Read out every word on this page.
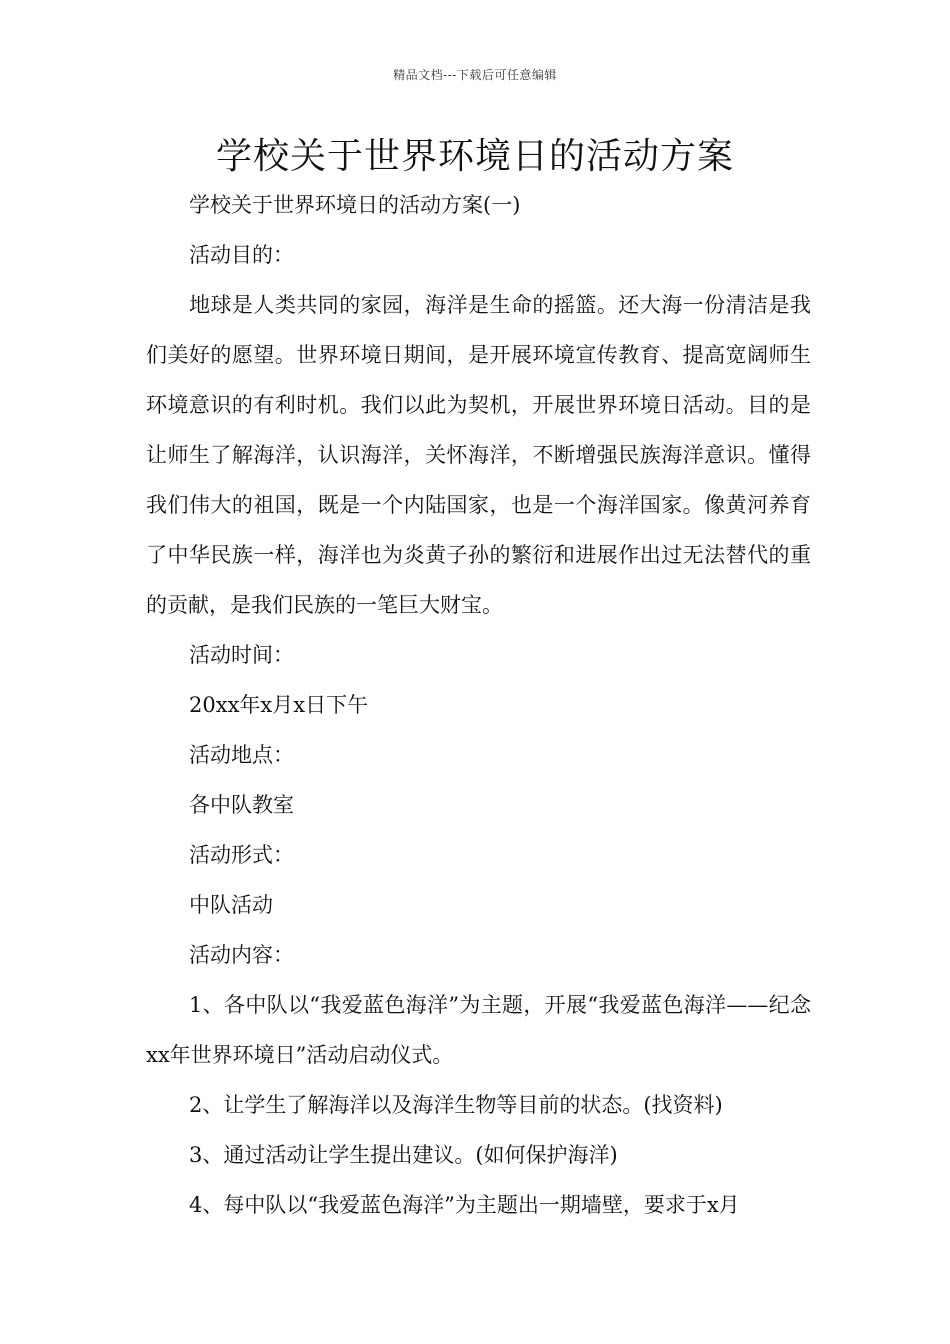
精品文档---下载后可任意编辑
学校关于世界环境日的活动方案

学校关于世界环境日的活动方案(一)

活动目的：

地球是人类共同的家园，海洋是生命的摇篮。还大海一份清洁是我们美好的愿望。世界环境日期间，是开展环境宣传教育、提高宽阔师生环境意识的有利时机。我们以此为契机，开展世界环境日活动。目的是让师生了解海洋，认识海洋，关怀海洋，不断增强民族海洋意识。懂得我们伟大的祖国，既是一个内陆国家，也是一个海洋国家。像黄河养育了中华民族一样，海洋也为炎黄子孙的繁衍和进展作出过无法替代的重的贡献，是我们民族的一笔巨大财宝。

活动时间：

20xx年x月x日下午

活动地点：

各中队教室

活动形式：

中队活动

活动内容：

1、各中队以“我爱蓝色海洋”为主题，开展“我爱蓝色海洋——纪念xx年世界环境日”活动启动仪式。

2、让学生了解海洋以及海洋生物等目前的状态。(找资料)

3、通过活动让学生提出建议。(如何保护海洋)

4、每中队以“我爱蓝色海洋”为主题出一期墙壁，要求于x月
